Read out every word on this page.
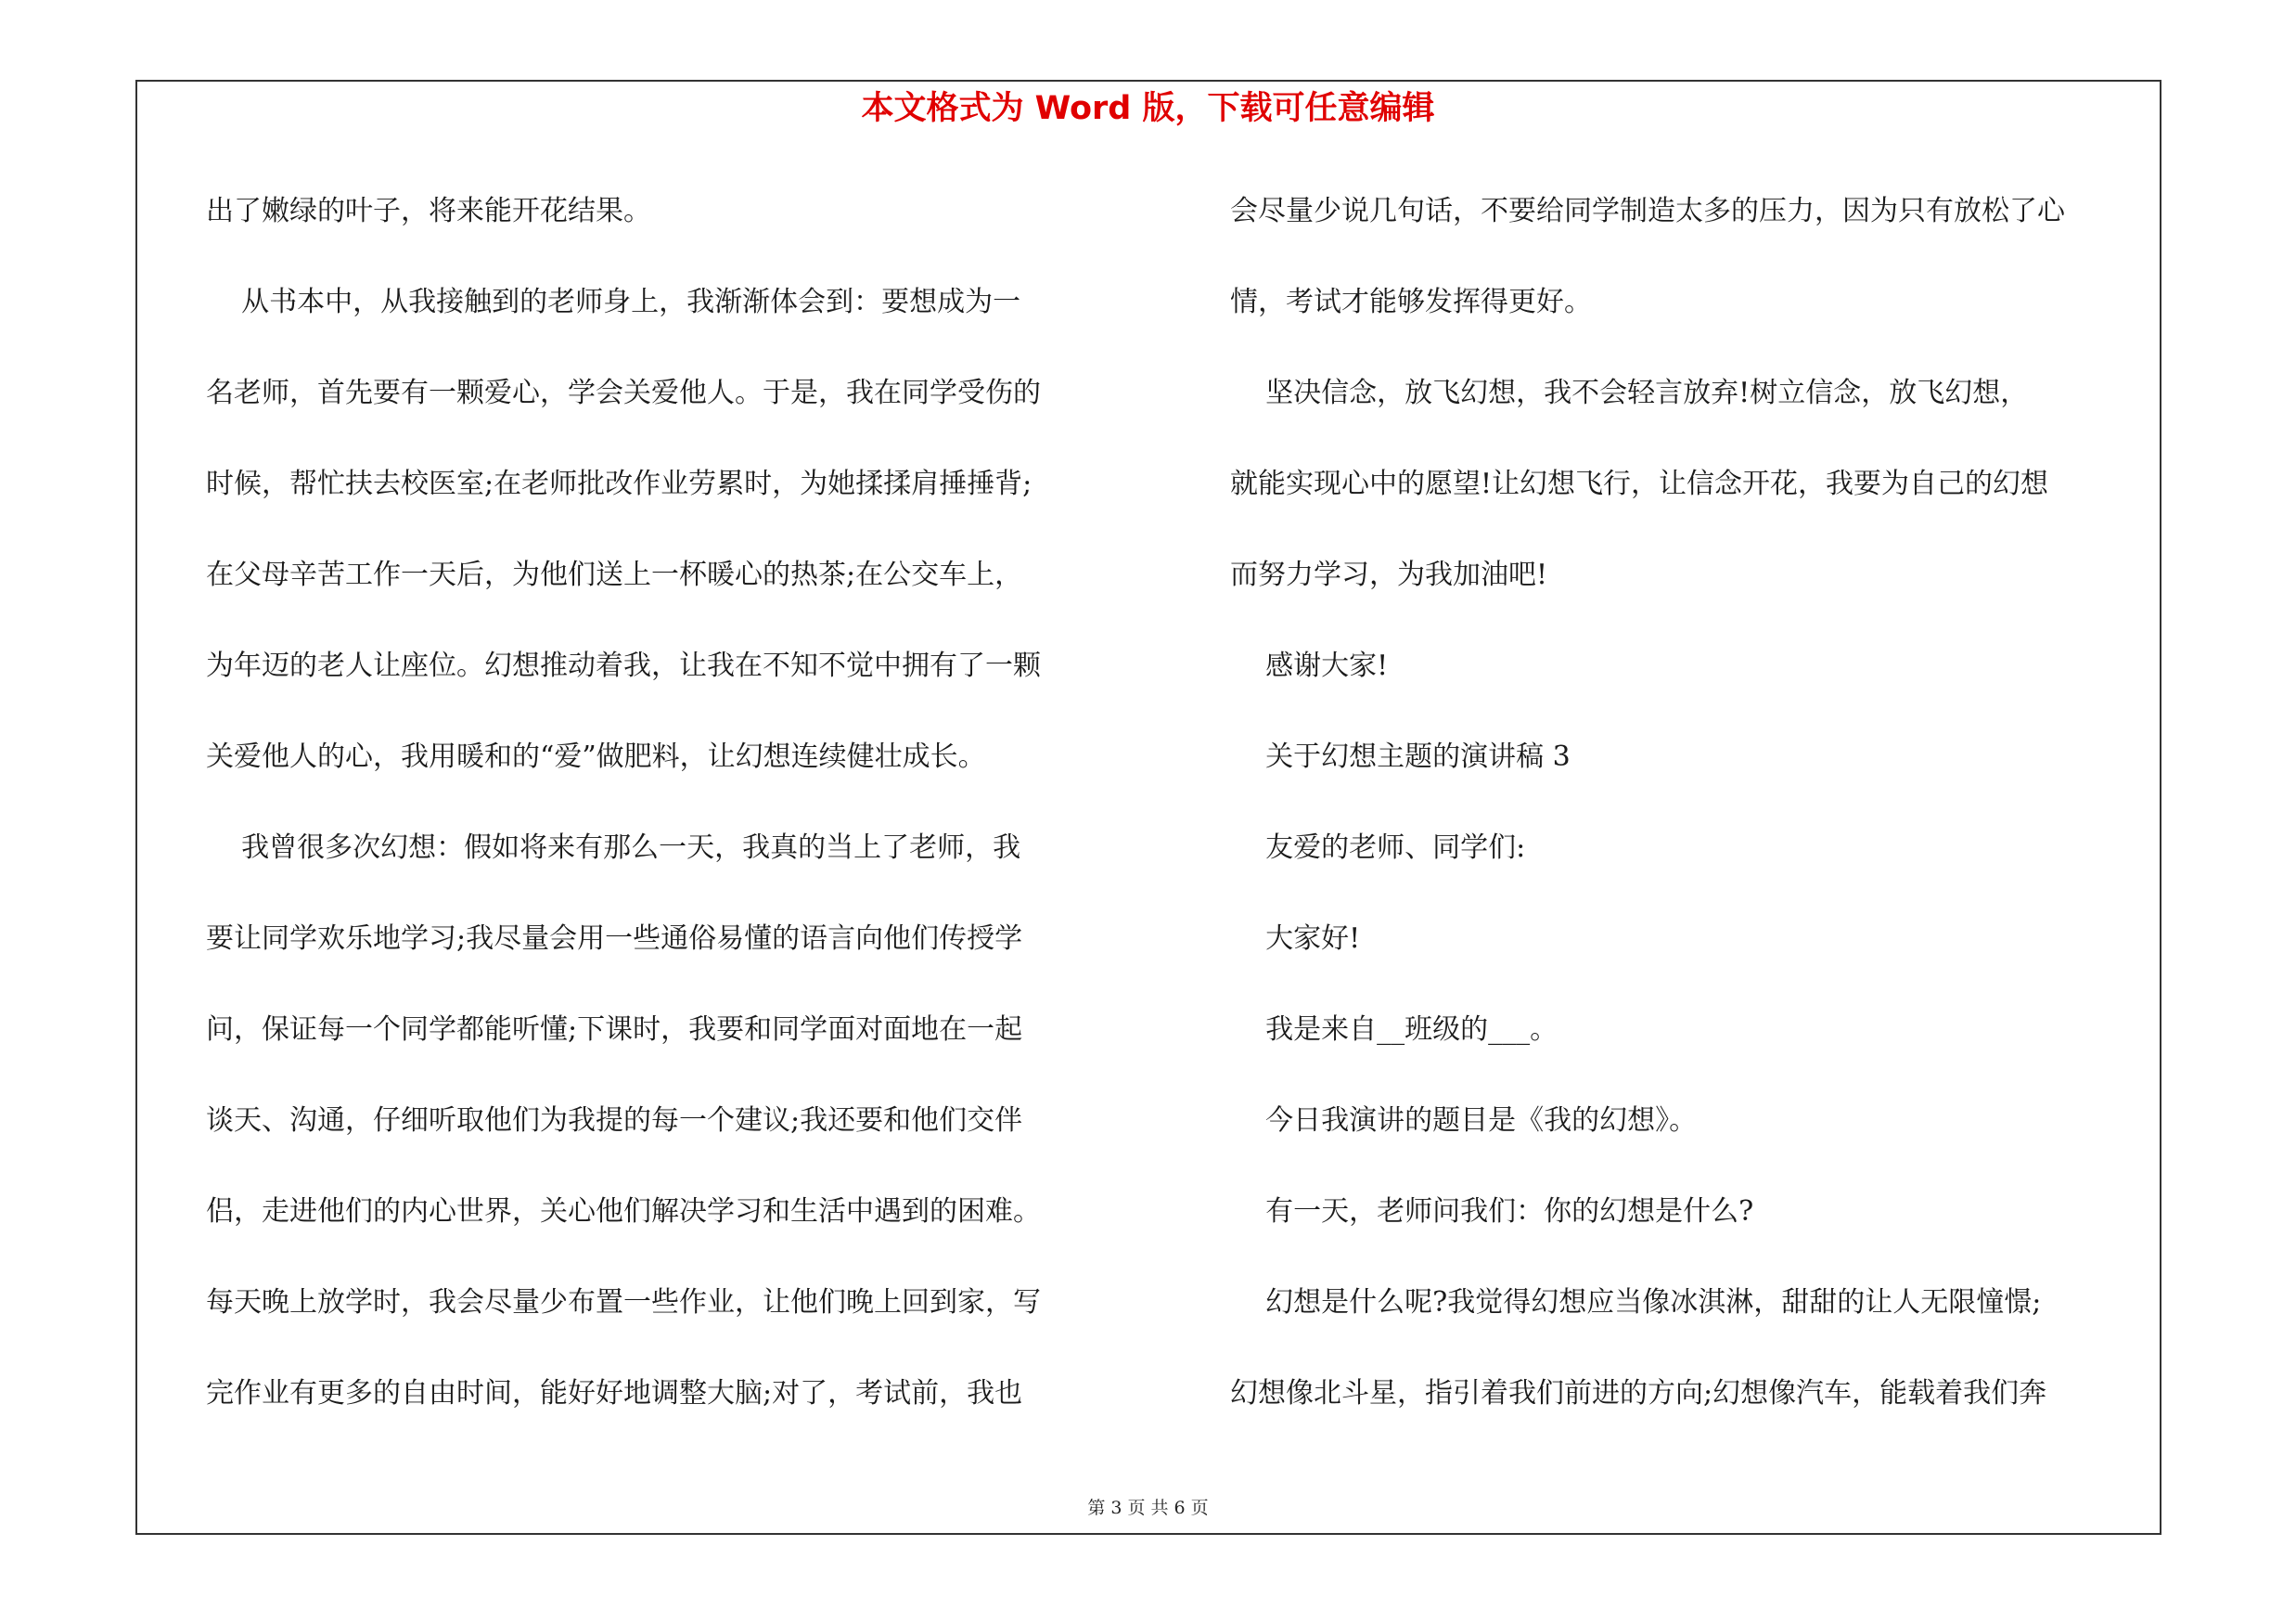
本文格式为 Word 版，下载可任意编辑
出了嫩绿的叶子，将来能开花结果。
从书本中，从我接触到的老师身上，我渐渐体会到：要想成为一
名老师，首先要有一颗爱心，学会关爱他人。于是，我在同学受伤的
时候，帮忙扶去校医室;在老师批改作业劳累时，为她揉揉肩捶捶背;
在父母辛苦工作一天后，为他们送上一杯暖心的热茶;在公交车上，
为年迈的老人让座位。幻想推动着我，让我在不知不觉中拥有了一颗
关爱他人的心，我用暖和的“爱”做肥料，让幻想连续健壮成长。
我曾很多次幻想：假如将来有那么一天，我真的当上了老师，我
要让同学欢乐地学习;我尽量会用一些通俗易懂的语言向他们传授学
问，保证每一个同学都能听懂;下课时，我要和同学面对面地在一起
谈天、沟通，仔细听取他们为我提的每一个建议;我还要和他们交伴
侣，走进他们的内心世界，关心他们解决学习和生活中遇到的困难。
每天晚上放学时，我会尽量少布置一些作业，让他们晚上回到家，写
完作业有更多的自由时间，能好好地调整大脑;对了，考试前，我也
会尽量少说几句话，不要给同学制造太多的压力，因为只有放松了心
情，考试才能够发挥得更好。
坚决信念，放飞幻想，我不会轻言放弃!树立信念，放飞幻想，
就能实现心中的愿望!让幻想飞行，让信念开花，我要为自己的幻想
而努力学习，为我加油吧!
感谢大家!
关于幻想主题的演讲稿 3
友爱的老师、同学们:
大家好!
我是来自__班级的___。
今日我演讲的题目是《我的幻想》。
有一天，老师问我们：你的幻想是什么?
幻想是什么呢?我觉得幻想应当像冰淇淋，甜甜的让人无限憧憬;
幻想像北斗星，指引着我们前进的方向;幻想像汽车，能载着我们奔
第 3 页 共 6 页
